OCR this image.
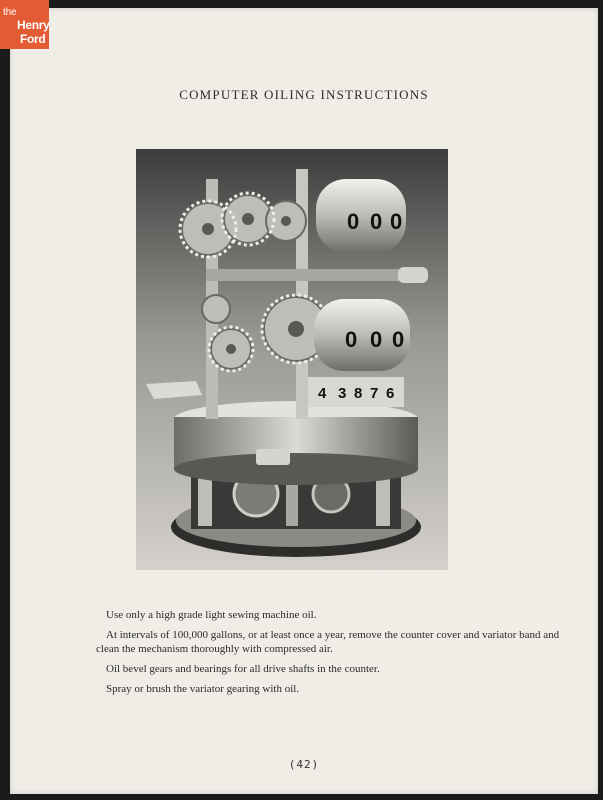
the
Henry
Ford
COMPUTER OILING INSTRUCTIONS
0 0 0
0 0 0
4 3 8 7 6

Use only a high grade light sewing machine oil.

At intervals of 100,000 gallons, or at least once a year, remove the counter cover and variator band and clean the mechanism thoroughly with compressed air.

Oil bevel gears and bearings for all drive shafts in the counter.

Spray or brush the variator gearing with oil.

(42)
